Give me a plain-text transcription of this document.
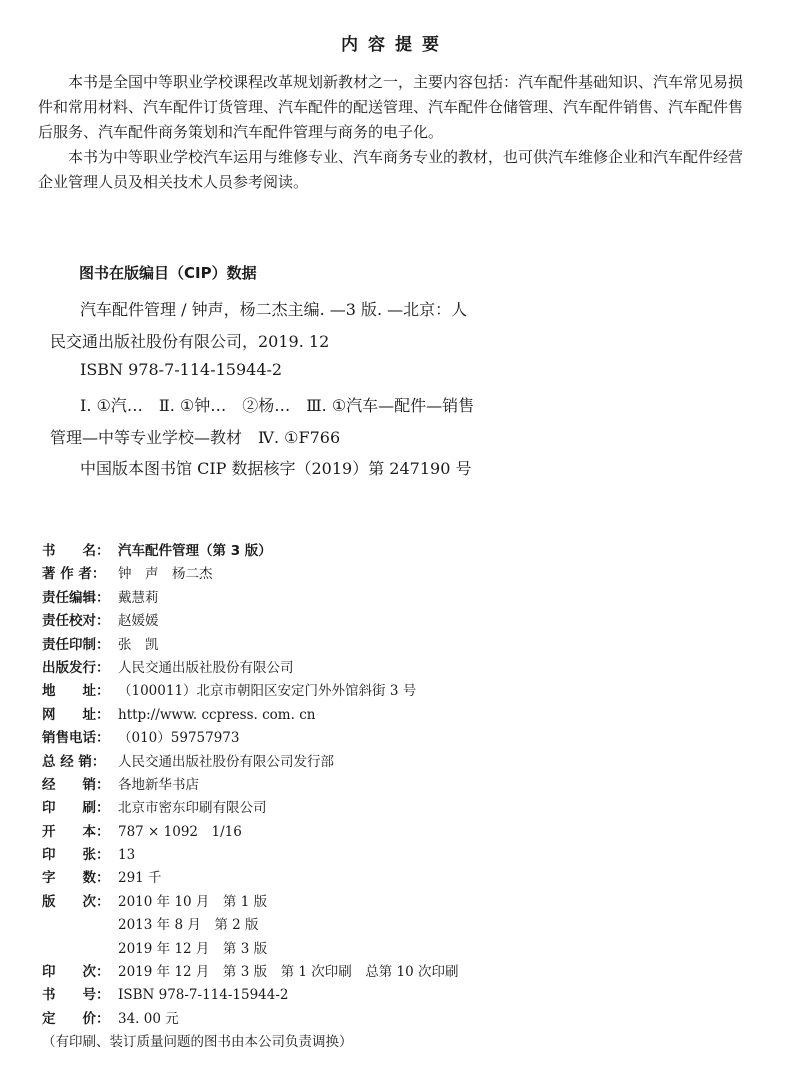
内容提要

本书是全国中等职业学校课程改革规划新教材之一，主要内容包括：汽车配件基础知识、汽车常见易损件和常用材料、汽车配件订货管理、汽车配件的配送管理、汽车配件仓储管理、汽车配件销售、汽车配件售后服务、汽车配件商务策划和汽车配件管理与商务的电子化。

本书为中等职业学校汽车运用与维修专业、汽车商务专业的教材，也可供汽车维修企业和汽车配件经营企业管理人员及相关技术人员参考阅读。

图书在版编目（CIP）数据

汽车配件管理 / 钟声，杨二杰主编. —3 版. —北京：人民交通出版社股份有限公司，2019. 12

ISBN 978-7-114-15944-2

Ⅰ. ①汽…　Ⅱ. ①钟…　②杨…　Ⅲ. ①汽车—配件—销售管理—中等专业学校—教材　Ⅳ. ①F766

中国版本图书馆 CIP 数据核字（2019）第 247190 号
书　　名： 汽车配件管理（第 3 版）
著 作 者： 钟　声　杨二杰
责任编辑： 戴慧莉
责任校对： 赵媛媛
责任印制： 张　凯
出版发行： 人民交通出版社股份有限公司
地　　址： （100011）北京市朝阳区安定门外外馆斜街 3 号
网　　址： http://www. ccpress. com. cn
销售电话： （010）59757973
总 经 销： 人民交通出版社股份有限公司发行部
经　　销： 各地新华书店
印　　刷： 北京市密东印刷有限公司
开　　本： 787 × 1092　1/16
印　　张： 13
字　　数： 291 千
版　　次： 2010 年 10 月　第 1 版
2013 年 8 月　第 2 版
2019 年 12 月　第 3 版
印　　次： 2019 年 12 月　第 3 版　第 1 次印刷　总第 10 次印刷
书　　号： ISBN 978-7-114-15944-2
定　　价： 34. 00 元
（有印刷、装订质量问题的图书由本公司负责调换）
